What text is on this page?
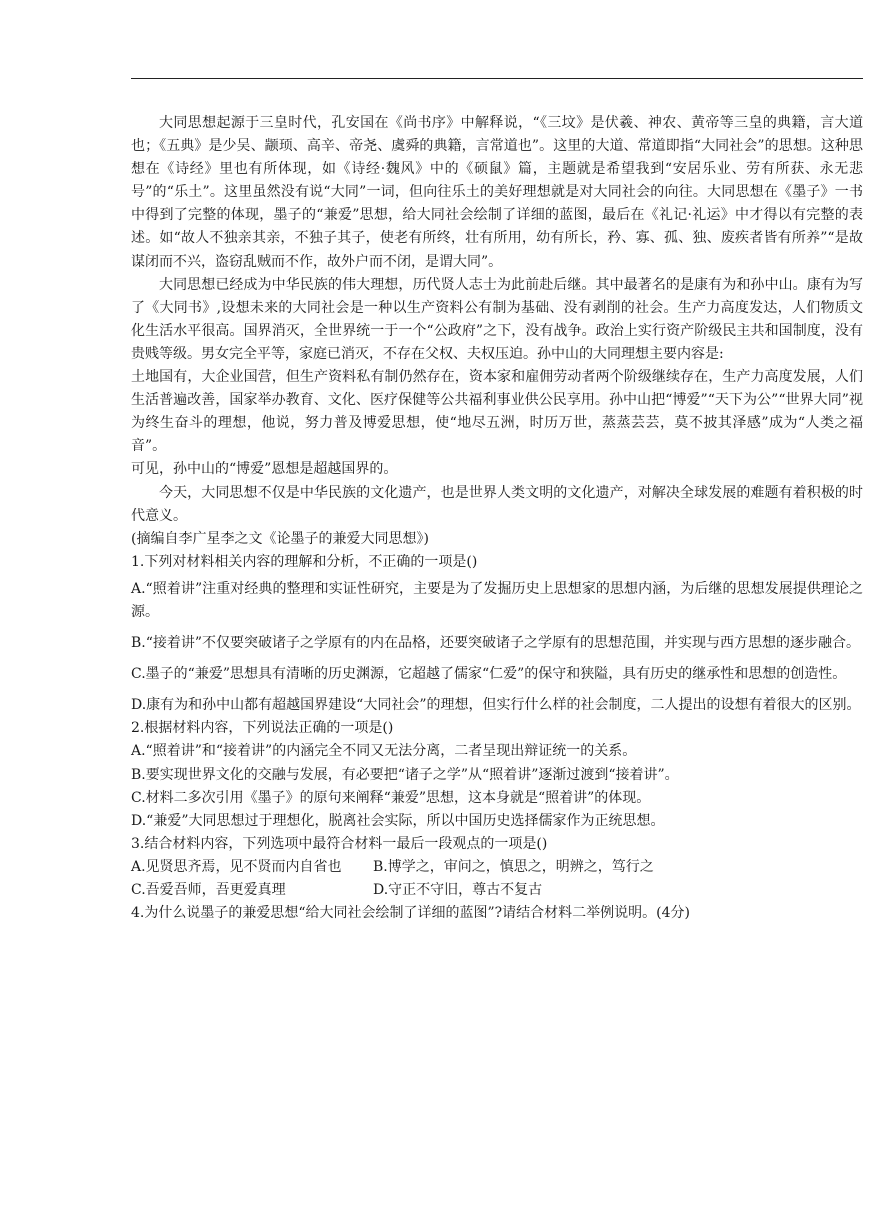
大同思想起源于三皇时代，孔安国在《尚书序》中解释说，“《三坟》是伏羲、神农、黄帝等三皇的典籍，言大道也；《五典》是少吴、颛顼、高辛、帝尧、虞舜的典籍，言常道也”。这里的大道、常道即指“大同社会”的思想。这种思想在《诗经》里也有所体现，如《诗经·魏风》中的《硕鼠》篇，主题就是希望我到“安居乐业、劳有所获、永无悲号”的“乐土”。这里虽然没有说“大同”一词，但向往乐土的美好理想就是对大同社会的向往。大同思想在《墨子》一书中得到了完整的体现，墨子的“兼爱”思想，给大同社会绘制了详细的蓝图，最后在《礼记·礼运》中才得以有完整的表述。如“故人不独亲其亲，不独子其子，使老有所终，壮有所用，幼有所长，矜、寡、孤、独、废疾者皆有所养”“是故谋闭而不兴，盗窃乱贼而不作，故外户而不闭，是谓大同”。

大同思想已经成为中华民族的伟大理想，历代贤人志士为此前赴后继。其中最著名的是康有为和孙中山。康有为写了《大同书》,设想未来的大同社会是一种以生产资料公有制为基础、没有剥削的社会。生产力高度发达，人们物质文化生活水平很高。国界消灭，全世界统一于一个“公政府”之下，没有战争。政治上实行资产阶级民主共和国制度，没有贵贱等级。男女完全平等，家庭已消灭，不存在父权、夫权压迫。孙中山的大同理想主要内容是:

土地国有，大企业国营，但生产资料私有制仍然存在，资本家和雇佣劳动者两个阶级继续存在，生产力高度发展，人们生活普遍改善，国家举办教育、文化、医疗保健等公共福利事业供公民享用。孙中山把“博爱”“天下为公”“世界大同”视为终生奋斗的理想，他说，努力普及博爱思想，使“地尽五洲，时历万世，蒸蒸芸芸，莫不披其泽感”成为“人类之福音”。

可见，孙中山的“博爱”恩想是超越国界的。

今天，大同思想不仅是中华民族的文化遗产，也是世界人类文明的文化遗产，对解决全球发展的难题有着积极的时代意义。

(摘编自李广星李之文《论墨子的兼爱大同思想》)

1.下列对材料相关内容的理解和分析，不正确的一项是()

A.“照着讲”注重对经典的整理和实证性研究，主要是为了发掘历史上思想家的思想内涵，为后继的思想发展提供理论之源。

B.“接着讲”不仅要突破诸子之学原有的内在品格，还要突破诸子之学原有的思想范围，并实现与西方思想的逐步融合。

C.墨子的“兼爱”思想具有清晰的历史渊源，它超越了儒家“仁爱”的保守和狭隘，具有历史的继承性和思想的创造性。

D.康有为和孙中山都有超越国界建设“大同社会”的理想，但实行什么样的社会制度，二人提出的设想有着很大的区别。

2.根据材料内容，下列说法正确的一项是()

A.“照着讲”和“接着讲”的内涵完全不同又无法分离，二者呈现出辩证统一的关系。

B.要实现世界文化的交融与发展，有必要把“诸子之学”从“照着讲”逐渐过渡到“接着讲”。

C.材料二多次引用《墨子》的原句来阐释“兼爱”思想，这本身就是“照着讲”的体现。

D.“兼爱”大同思想过于理想化，脱离社会实际，所以中国历史选择儒家作为正统思想。

3.结合材料内容，下列选项中最符合材料一最后一段观点的一项是()

A.见贤思齐焉，见不贤而内自省也	B.博学之，审问之，慎思之，明辨之，笃行之
C.吾爱吾师，吾更爱真理	D.守正不守旧，尊古不复古

4.为什么说墨子的兼爱思想“给大同社会绘制了详细的蓝图”?请结合材料二举例说明。(4分)
